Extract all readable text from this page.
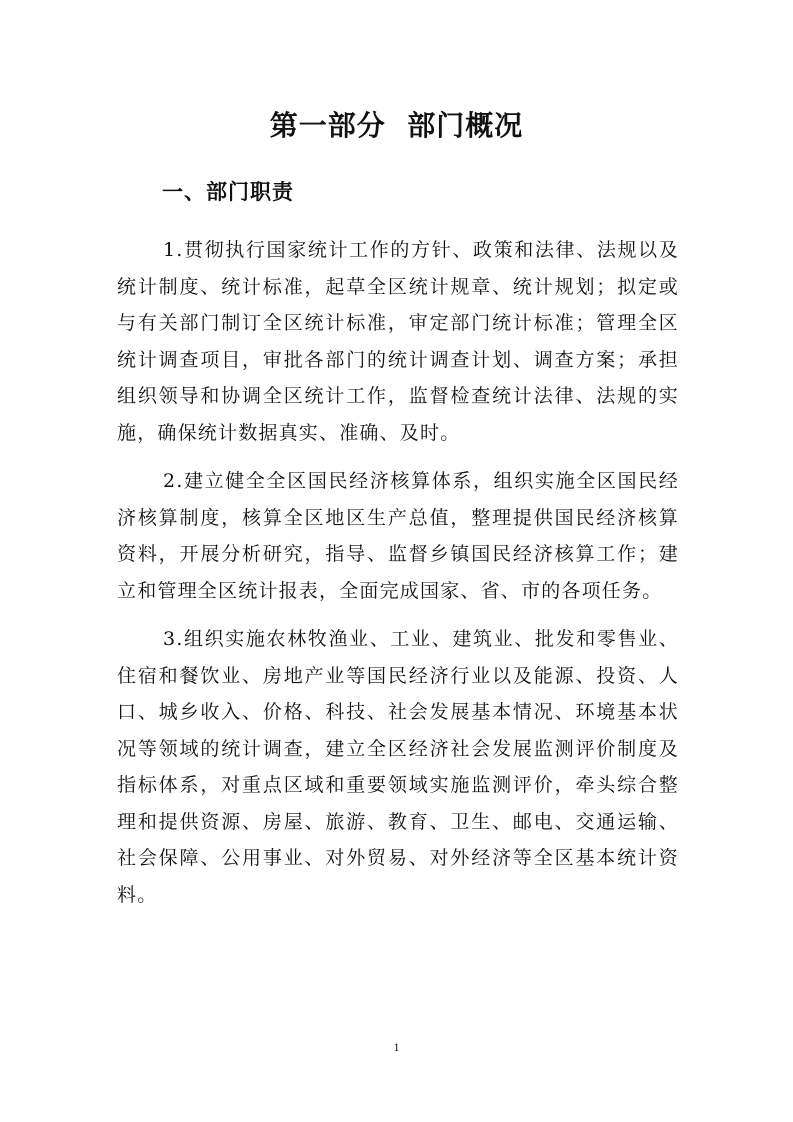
第一部分  部门概况
一、部门职责

1.贯彻执行国家统计工作的方针、政策和法律、法规以及统计制度、统计标准，起草全区统计规章、统计规划；拟定或与有关部门制订全区统计标准，审定部门统计标准；管理全区统计调查项目，审批各部门的统计调查计划、调查方案；承担组织领导和协调全区统计工作，监督检查统计法律、法规的实施，确保统计数据真实、准确、及时。

2.建立健全全区国民经济核算体系，组织实施全区国民经济核算制度，核算全区地区生产总值，整理提供国民经济核算资料，开展分析研究，指导、监督乡镇国民经济核算工作；建立和管理全区统计报表，全面完成国家、省、市的各项任务。

3.组织实施农林牧渔业、工业、建筑业、批发和零售业、住宿和餐饮业、房地产业等国民经济行业以及能源、投资、人口、城乡收入、价格、科技、社会发展基本情况、环境基本状况等领域的统计调查，建立全区经济社会发展监测评价制度及指标体系，对重点区域和重要领域实施监测评价，牵头综合整理和提供资源、房屋、旅游、教育、卫生、邮电、交通运输、社会保障、公用事业、对外贸易、对外经济等全区基本统计资料。

1
